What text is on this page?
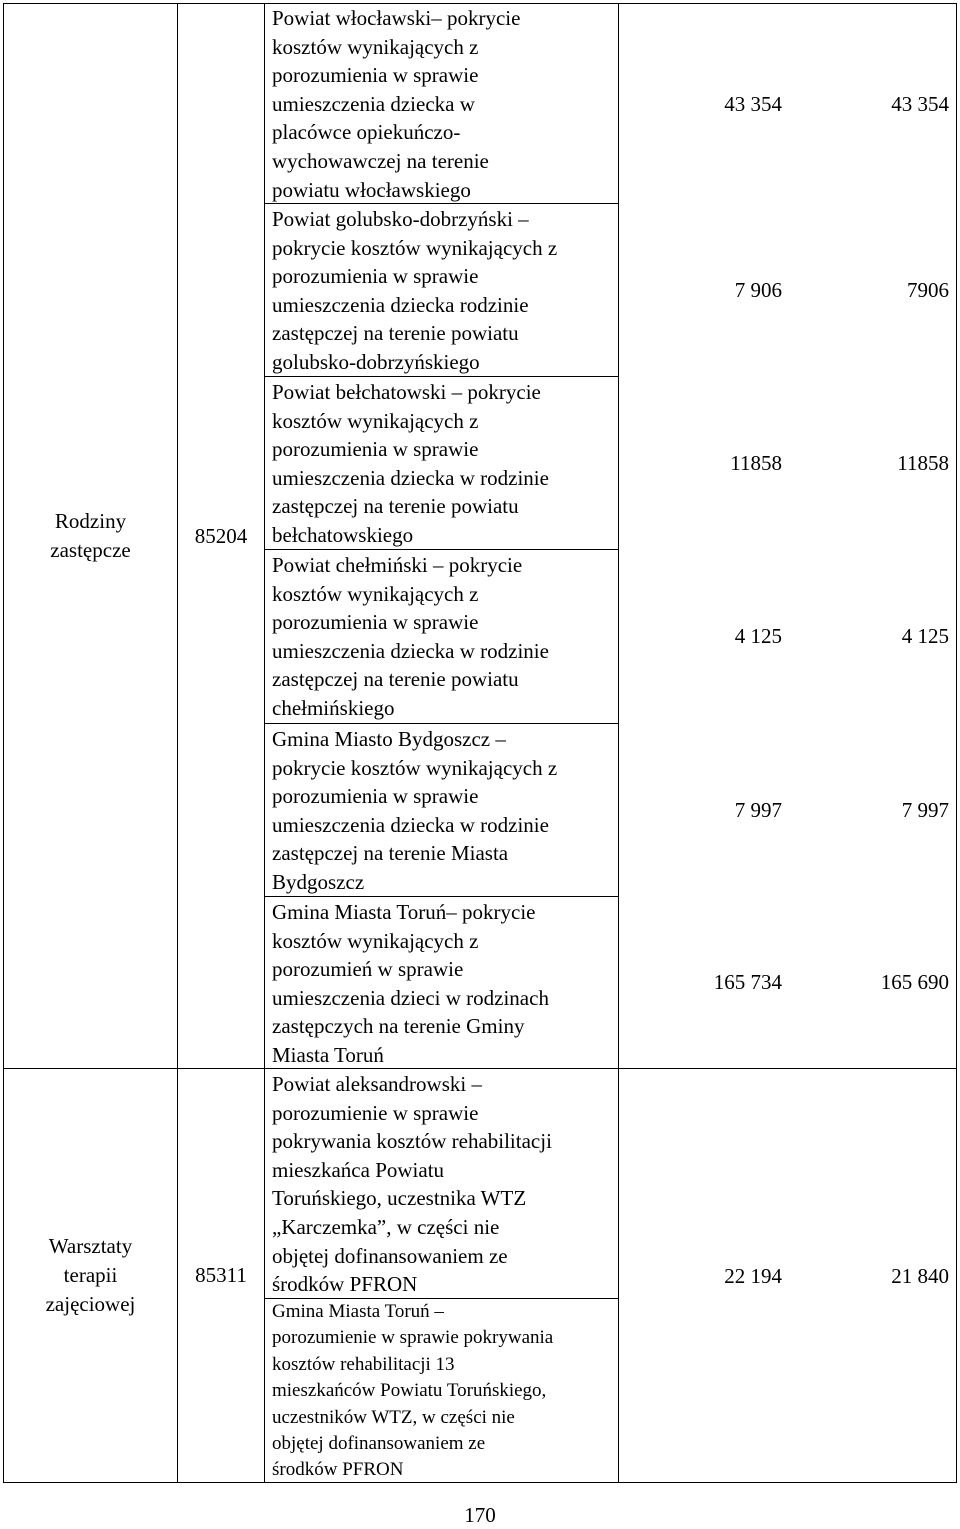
Rodziny
zastępcze
85204
Warsztaty
terapii
zajęciowej
85311
Powiat włocławski– pokrycie
kosztów wynikających z
porozumienia w sprawie
umieszczenia dziecka w
placówce opiekuńczo-
wychowawczej na terenie
powiatu włocławskiego
Powiat golubsko-dobrzyński –
pokrycie kosztów wynikających z
porozumienia w sprawie
umieszczenia dziecka rodzinie
zastępczej na terenie powiatu
golubsko-dobrzyńskiego
Powiat bełchatowski – pokrycie
kosztów wynikających z
porozumienia w sprawie
umieszczenia dziecka w rodzinie
zastępczej na terenie powiatu
bełchatowskiego
Powiat chełmiński – pokrycie
kosztów wynikających z
porozumienia w sprawie
umieszczenia dziecka w rodzinie
zastępczej na terenie powiatu
chełmińskiego
Gmina Miasto Bydgoszcz –
pokrycie kosztów wynikających z
porozumienia w sprawie
umieszczenia dziecka w rodzinie
zastępczej na terenie Miasta
Bydgoszcz
Gmina Miasta Toruń– pokrycie
kosztów wynikających z
porozumień w sprawie
umieszczenia dzieci w rodzinach
zastępczych na terenie Gminy
Miasta Toruń
Powiat aleksandrowski –
porozumienie w sprawie
pokrywania kosztów rehabilitacji
mieszkańca Powiatu
Toruńskiego, uczestnika WTZ
„Karczemka”, w części nie
objętej dofinansowaniem ze
środków PFRON
Gmina Miasta Toruń –
porozumienie w sprawie pokrywania
kosztów rehabilitacji 13
mieszkańców Powiatu Toruńskiego,
uczestników WTZ, w części nie
objętej dofinansowaniem ze
środków PFRON
43 354
7 906
11858
4 125
7 997
165 734
22 194
43 354
7906
11858
4 125
7 997
165 690
21 840
170
